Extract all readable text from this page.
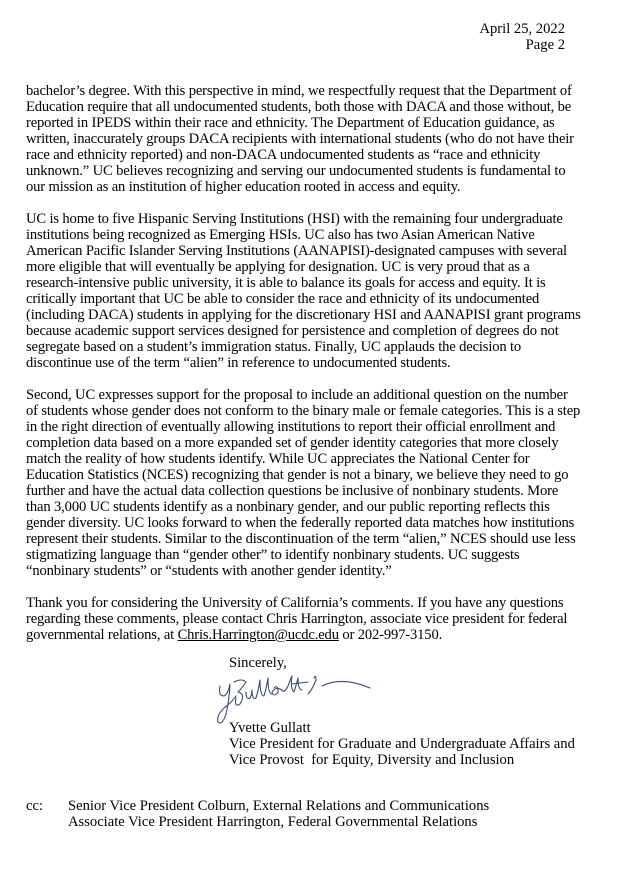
April 25, 2022
Page 2

bachelor’s degree. With this perspective in mind, we respectfully request that the Department of
Education require that all undocumented students, both those with DACA and those without, be
reported in IPEDS within their race and ethnicity. The Department of Education guidance, as
written, inaccurately groups DACA recipients with international students (who do not have their
race and ethnicity reported) and non-DACA undocumented students as “race and ethnicity
unknown.” UC believes recognizing and serving our undocumented students is fundamental to
our mission as an institution of higher education rooted in access and equity.

UC is home to five Hispanic Serving Institutions (HSI) with the remaining four undergraduate
institutions being recognized as Emerging HSIs. UC also has two Asian American Native
American Pacific Islander Serving Institutions (AANAPISI)-designated campuses with several
more eligible that will eventually be applying for designation. UC is very proud that as a
research-intensive public university, it is able to balance its goals for access and equity. It is
critically important that UC be able to consider the race and ethnicity of its undocumented
(including DACA) students in applying for the discretionary HSI and AANAPISI grant programs
because academic support services designed for persistence and completion of degrees do not
segregate based on a student’s immigration status. Finally, UC applauds the decision to
discontinue use of the term “alien” in reference to undocumented students.

Second, UC expresses support for the proposal to include an additional question on the number
of students whose gender does not conform to the binary male or female categories. This is a step
in the right direction of eventually allowing institutions to report their official enrollment and
completion data based on a more expanded set of gender identity categories that more closely
match the reality of how students identify. While UC appreciates the National Center for
Education Statistics (NCES) recognizing that gender is not a binary, we believe they need to go
further and have the actual data collection questions be inclusive of nonbinary students. More
than 3,000 UC students identify as a nonbinary gender, and our public reporting reflects this
gender diversity. UC looks forward to when the federally reported data matches how institutions
represent their students. Similar to the discontinuation of the term “alien,” NCES should use less
stigmatizing language than “gender other” to identify nonbinary students. UC suggests
“nonbinary students” or “students with another gender identity.”

Thank you for considering the University of California’s comments. If you have any questions
regarding these comments, please contact Chris Harrington, associate vice president for federal
governmental relations, at Chris.Harrington@ucdc.edu or 202-997-3150.

Sincerely,
Yvette Gullatt
Vice President for Graduate and Undergraduate Affairs and
Vice Provost  for Equity, Diversity and Inclusion
cc: Senior Vice President Colburn, External Relations and Communications
Associate Vice President Harrington, Federal Governmental Relations
